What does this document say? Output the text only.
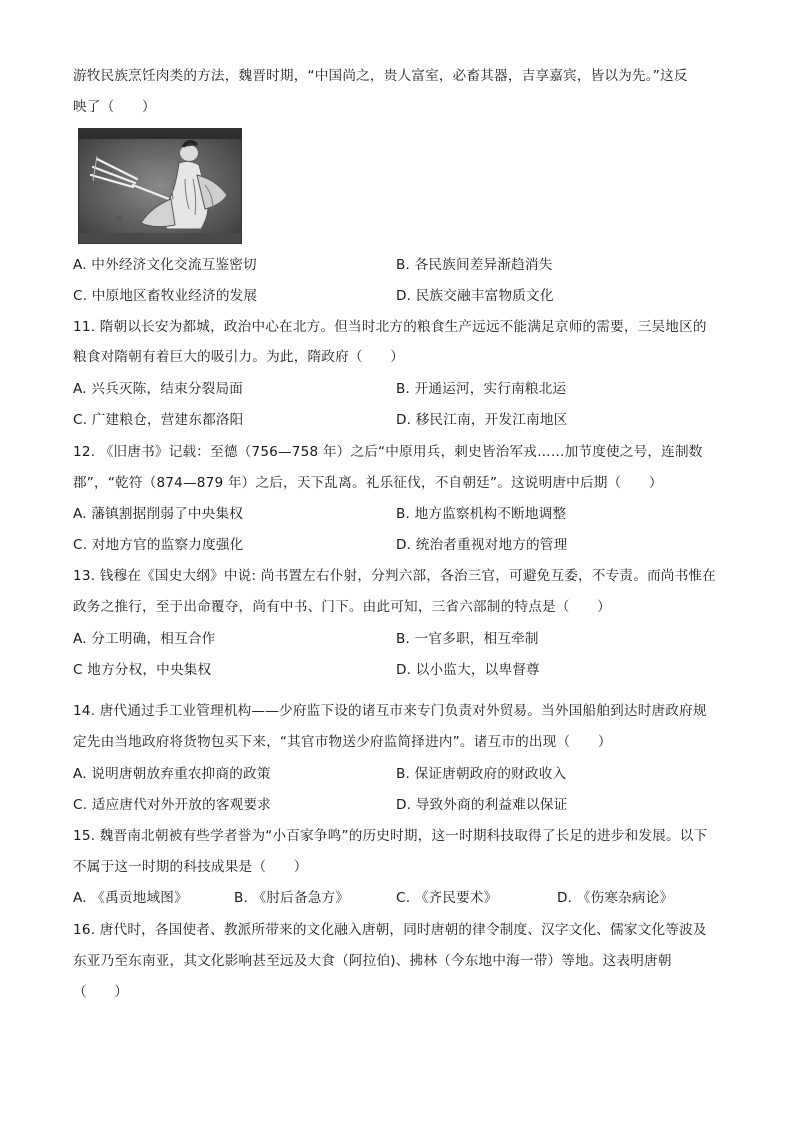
游牧民族烹饪肉类的方法，魏晋时期，“中国尚之，贵人富室，必畜其器，吉享嘉宾，皆以为先。”这反
映了（　　）
A. 中外经济文化交流互鉴密切	B. 各民族间差异渐趋消失
C. 中原地区畜牧业经济的发展	D. 民族交融丰富物质文化
11. 隋朝以长安为都城，政治中心在北方。但当时北方的粮食生产远远不能满足京师的需要，三吴地区的
粮食对隋朝有着巨大的吸引力。为此，隋政府（　　）
A. 兴兵灭陈，结束分裂局面	B. 开通运河，实行南粮北运
C. 广建粮仓，营建东都洛阳	D. 移民江南，开发江南地区
12. 《旧唐书》记载：至德（756—758 年）之后“中原用兵，刺史皆治军戎……加节度使之号，连制数
郡”，“乾符（874—879 年）之后，天下乱离。礼乐征伐，不自朝廷”。这说明唐中后期（　　）
A. 藩镇割据削弱了中央集权	B. 地方监察机构不断地调整
C. 对地方官的监察力度强化	D. 统治者重视对地方的管理
13. 钱穆在《国史大纲》中说: 尚书置左右仆射，分判六部，各治三官，可避免互委，不专责。而尚书惟在
政务之推行，至于出命覆夺，尚有中书、门下。由此可知，三省六部制的特点是（　　）
A. 分工明确，相互合作	B. 一官多职，相互牵制
C 地方分权，中央集权	D. 以小监大，以卑督尊
14. 唐代通过手工业管理机构——少府监下设的诸互市来专门负责对外贸易。当外国船舶到达时唐政府规
定先由当地政府将货物包买下来，“其官市物送少府监简择进内”。诸互市的出现（　　）
A. 说明唐朝放弃重农抑商的政策	B. 保证唐朝政府的财政收入
C. 适应唐代对外开放的客观要求	D. 导致外商的利益难以保证
15. 魏晋南北朝被有些学者誉为“小百家争鸣”的历史时期，这一时期科技取得了长足的进步和发展。以下
不属于这一时期的科技成果是（　　）
A. 《禹贡地域图》	B. 《肘后备急方》	C. 《齐民要术》	D. 《伤寒杂病论》
16. 唐代时，各国使者、教派所带来的文化融入唐朝，同时唐朝的律令制度、汉字文化、儒家文化等波及
东亚乃至东南亚，其文化影响甚至远及大食（阿拉伯)、拂林（今东地中海一带）等地。这表明唐朝
（　　）
